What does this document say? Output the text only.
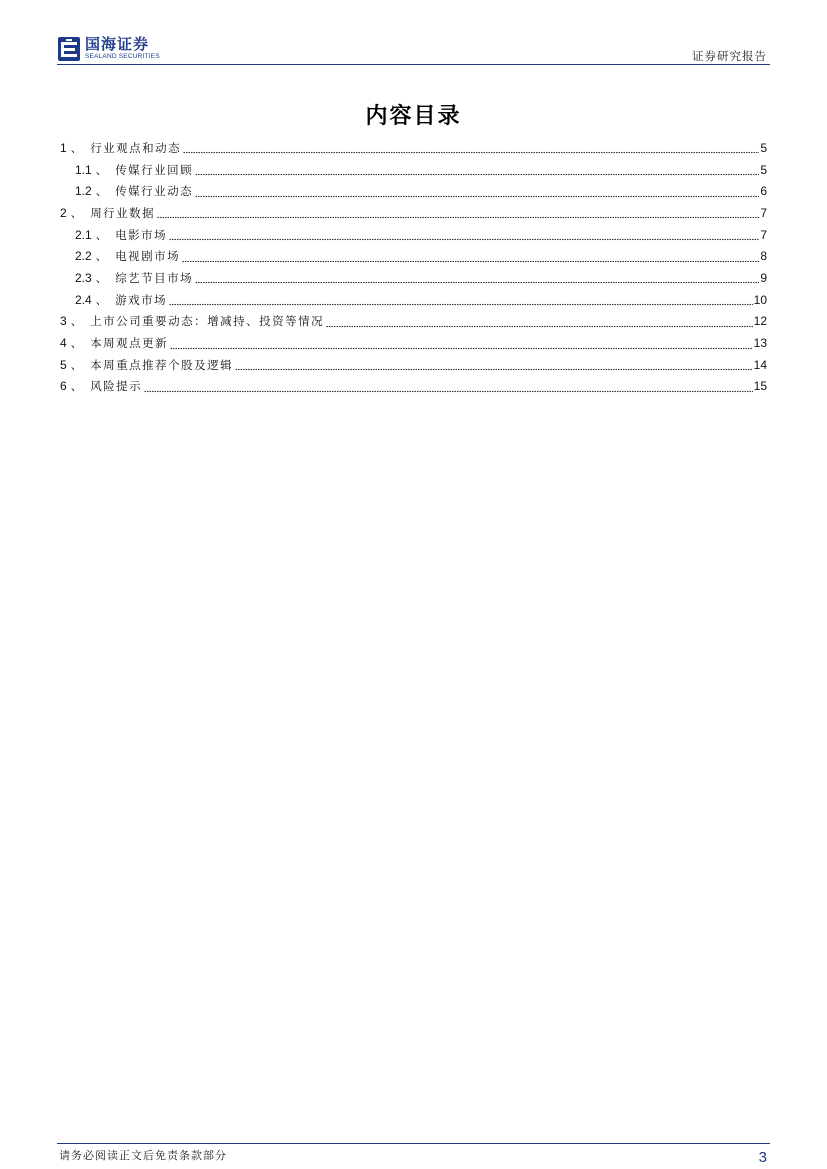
国海证券
SEALAND SECURITIES	证券研究报告
内容目录
1 、 行业观点和动态	5
1.1 、 传媒行业回顾	5
1.2 、 传媒行业动态	6
2 、 周行业数据	7
2.1 、 电影市场	7
2.2 、 电视剧市场	8
2.3 、 综艺节目市场	9
2.4 、 游戏市场	10
3 、 上市公司重要动态：增减持、投资等情况	12
4 、 本周观点更新	13
5 、 本周重点推荐个股及逻辑	14
6 、 风险提示	15
请务必阅读正文后免责条款部分	3
